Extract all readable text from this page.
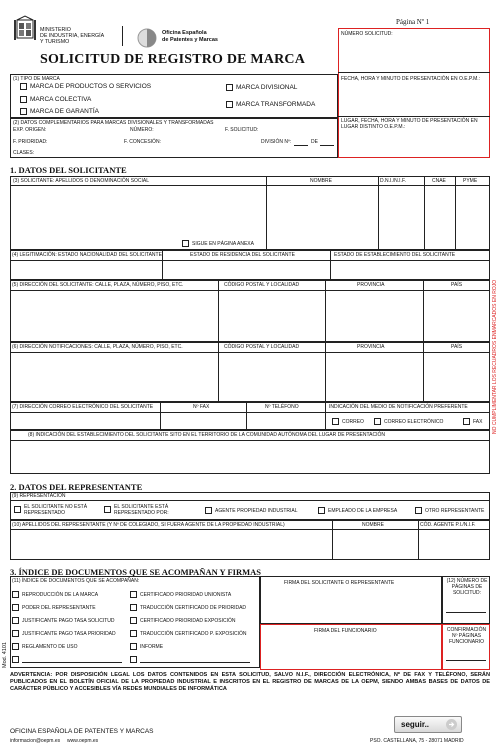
MINISTERIO
DE INDUSTRIA, ENERGÍA
Y TURISMO
Oficina Española
de Patentes y Marcas
Página Nº 1
SOLICITUD DE REGISTRO DE MARCA
NÚMERO SOLICITUD:
FECHA, HORA Y MINUTO DE PRESENTACIÓN EN O.E.P.M.:
LUGAR, FECHA, HORA Y MINUTO DE PRESENTACIÓN EN LUGAR DISTINTO O.E.P.M.:
(1) TIPO DE MARCA
MARCA DE PRODUCTOS O SERVICIOS
MARCA COLECTIVA
MARCA DE GARANTÍA
MARCA DIVISIONAL
MARCA TRANSFORMADA
(2) DATOS COMPLEMENTARIOS PARA MARCAS DIVISIONALES Y TRANSFORMADAS
EXP. ORIGEN:	NÚMERO:	F. SOLICITUD:
F. PRIORIDAD:	F. CONCESIÓN:	DIVISIÓN Nº:	DE
CLASES:
1. DATOS DEL SOLICITANTE
(3) SOLICITANTE: APELLIDOS O DENOMINACIÓN SOCIAL	NOMBRE	D.N.I./N.I.F.	CNAE	PYME
SIGUE EN PÁGINA ANEXA
(4) LEGITIMACIÓN: ESTADO NACIONALIDAD DEL SOLICITANTE	ESTADO DE RESIDENCIA DEL SOLICITANTE	ESTADO DE ESTABLECIMIENTO DEL SOLICITANTE
(5) DIRECCIÓN DEL SOLICITANTE: CALLE, PLAZA, NÚMERO, PISO, ETC.	CÓDIGO POSTAL Y LOCALIDAD	PROVINCIA	PAÍS
(6) DIRECCIÓN NOTIFICACIONES: CALLE, PLAZA, NÚMERO, PISO, ETC.	CÓDIGO POSTAL Y LOCALIDAD	PROVINCIA	PAÍS
(7) DIRECCIÓN CORREO ELECTRÓNICO DEL SOLICITANTE	Nº FAX	Nº TELÉFONO	INDICACIÓN DEL MEDIO DE NOTIFICACIÓN PREFERENTE
CORREO	CORREO ELECTRÓNICO	FAX
(8) INDICACIÓN DEL ESTABLECIMIENTO DEL SOLICITANTE SITO EN EL TERRITORIO DE LA COMUNIDAD AUTÓNOMA DEL LUGAR DE PRESENTACIÓN
NO CUMPLIMENTAR LOS RECUADROS ENMARCADOS EN ROJO
2. DATOS DEL REPRESENTANTE
(9) REPRESENTACIÓN
EL SOLICITANTE NO ESTÁ REPRESENTADO
EL SOLICITANTE ESTÁ REPRESENTADO POR:	AGENTE PROPIEDAD INDUSTRIAL	EMPLEADO DE LA EMPRESA	OTRO REPRESENTANTE
(10) APELLIDOS DEL REPRESENTANTE (Y Nº DE COLEGIADO, SI FUERA AGENTE DE LA PROPIEDAD INDUSTRIAL)	NOMBRE	CÓD. AGENTE P.I./N.I.F.
3. ÍNDICE DE DOCUMENTOS QUE SE ACOMPAÑAN Y FIRMAS
(11) ÍNDICE DE DOCUMENTOS QUE SE ACOMPAÑAN:
REPRODUCCIÓN DE LA MARCA
PODER DEL REPRESENTANTE
JUSTIFICANTE PAGO TASA SOLICITUD
JUSTIFICANTE PAGO TASA PRIORIDAD
REGLAMENTO DE USO
CERTIFICADO PRIORIDAD UNIONISTA
TRADUCCIÓN CERTIFICADO DE PRIORIDAD
CERTIFICADO PRIORIDAD EXPOSICIÓN
TRADUCCIÓN CERTIFICADO P. EXPOSICIÓN
INFORME
FIRMA DEL SOLICITANTE O REPRESENTANTE	(12) NÚMERO DE PÁGINAS DE SOLICITUD:
FIRMA DEL FUNCIONARIO	CONFIRMACIÓN Nº PÁGINAS FUNCIONARIO
Mod. 4101
ADVERTENCIA: POR DISPOSICIÓN LEGAL LOS DATOS CONTENIDOS EN ESTA SOLICITUD, SALVO N.I.F., DIRECCIÓN ELECTRÓNICA, Nº DE FAX Y TELÉFONO, SERÁN PUBLICADOS EN EL BOLETÍN OFICIAL DE LA PROPIEDAD INDUSTRIAL E INSCRITOS EN EL REGISTRO DE MARCAS DE LA OEPM, SIENDO AMBAS BASES DE DATOS DE CARÁCTER PÚBLICO Y ACCESIBLES VÍA REDES MUNDIALES DE INFORMÁTICA
seguir..
OFICINA ESPAÑOLA DE PATENTES Y MARCAS
informacion@oepm.es     www.oepm.es	PSO. CASTELLANA, 75 - 28071 MADRID
